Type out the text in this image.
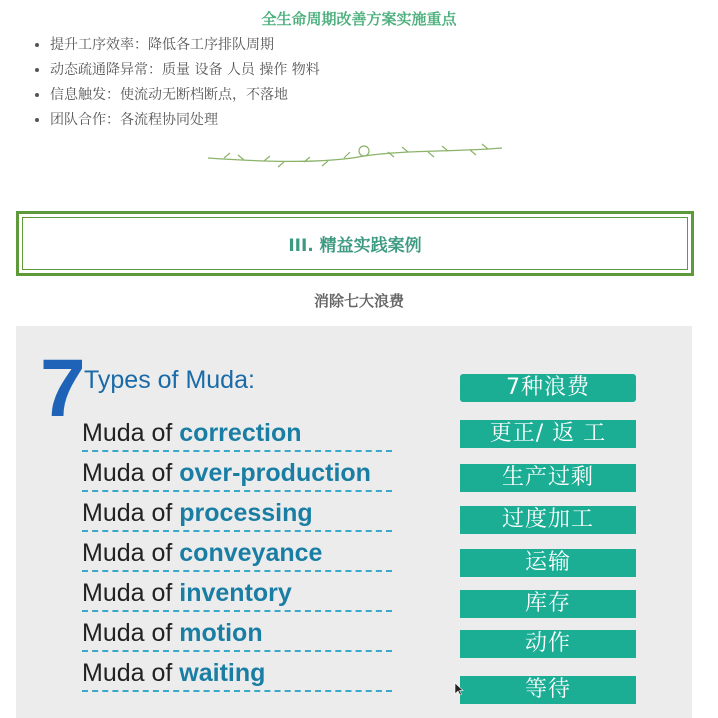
全生命周期改善方案实施重点
• 提升工序效率：降低各工序排队周期
• 动态疏通降异常：质量 设备 人员 操作 物料
• 信息触发：使流动无断档断点，不落地
• 团队合作：各流程协同处理
III. 精益实践案例
消除七大浪费
7
Types of Muda:
Muda of correction
Muda of over-production
Muda of processing
Muda of conveyance
Muda of inventory
Muda of motion
Muda of waiting
7种浪费
更正/ 返 工
生产过剩
过度加工
运输
库存
动作
等待
